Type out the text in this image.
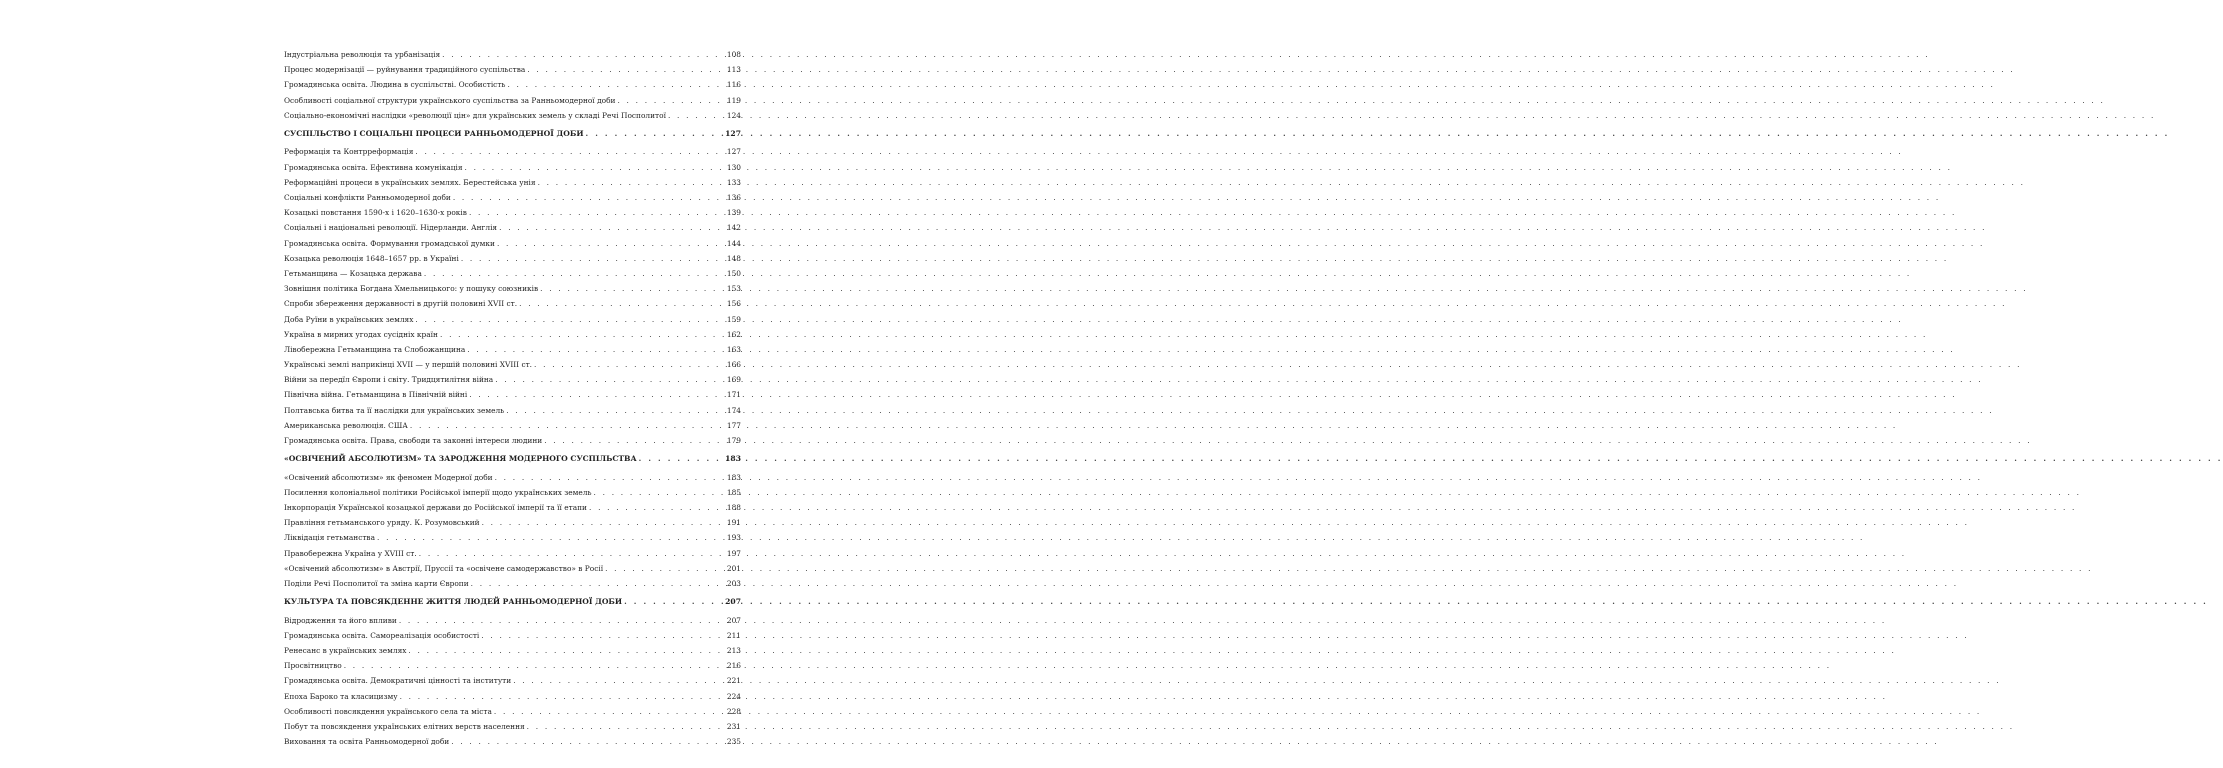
Індустріальна революція та урбанізація . . .	108
Процес модернізації — руйнування традиційного суспільства . . .	113
Громадянська освіта. Людина в суспільстві. Особистість . . .	116
Особливості соціальної структури українського суспільства за Ранньомодерної доби . . .	119
Соціально-економічні наслідки «революції цін» для українських земель у складі Речі Посполитої . . .	124
СУСПІЛЬСТВО І СОЦІАЛЬНІ ПРОЦЕСИ РАННЬОМОДЕРНОЇ ДОБИ . . .	127
Реформація та Контрреформація . . .	127
Громадянська освіта. Ефективна комунікація . . .	130
Реформаційні процеси в українських землях. Берестейська унія . . .	133
Соціальні конфлікти Ранньомодерної доби . . .	136
Козацькі повстання 1590-х і 1620–1630-х років . . .	139
Соціальні і національні революції. Нідерланди. Англія . . .	142
Громадянська освіта. Формування громадської думки . . .	144
Козацька революція 1648–1657 рр. в Україні . . .	148
Гетьманщина — Козацька держава . . .	150
Зовнішня політика Богдана Хмельницького: у пошуку союзників . . .	153
Спроби збереження державності в другій половині XVII ст. . . .	156
Доба Руїни в українських землях . . .	159
Україна в мирних угодах сусідніх країн . . .	162
Лівобережна Гетьманщина та Слобожанщина . . .	163
Українські землі наприкінці XVII — у першій половині XVIII ст. . . .	166
Війни за передїл Європи і світу. Тридцятилітня війна . . .	169
Північна війна. Гетьманщина в Північній війні . . .	171
Полтавська битва та її наслідки для українських земель . . .	174
Американська революція. США . . .	177
Громадянська освіта. Права, свободи та законні інтереси людини . . .	179
«ОСВІЧЕНИЙ АБСОЛЮТИЗМ» ТА ЗАРОДЖЕННЯ МОДЕРНОГО СУСПІЛЬСТВА . . .	183
«Освічений абсолютизм» як феномен Модерної доби . . .	183
Посилення колоніальної політики Російської імперії щодо українських земель . . .	185
Інкорпорація Української козацької держави до Російської імперії та її етапи . . .	188
Правління гетьманського уряду. К. Розумовський . . .	191
Ліквідація гетьманства . . .	193
Правобережна Україна у XVIII ст. . . .	197
«Освічений абсолютизм» в Австрії, Пруссії та «освічене самодержавство» в Росії . . .	201
Поділи Речі Посполитої та зміна карти Європи . . .	203
КУЛЬТУРА ТА ПОВСЯКДЕННЕ ЖИТТЯ ЛЮДЕЙ РАННЬОМОДЕРНОЇ ДОБИ . . .	207
Відродження та його впливи . . .	207
Громадянська освіта. Самореалізація особистості . . .	211
Ренесанс в українських землях . . .	213
Просвітництво . . .	216
Громадянська освіта. Демократичні цінності та інститути . . .	221
Епоха Бароко та класицизму . . .	224
Особливості повсякдення українського села та міста . . .	228
Побут та повсякдення українських елітних верств населення . . .	231
Виховання та освіта Ранньомодерної доби . . .	235
